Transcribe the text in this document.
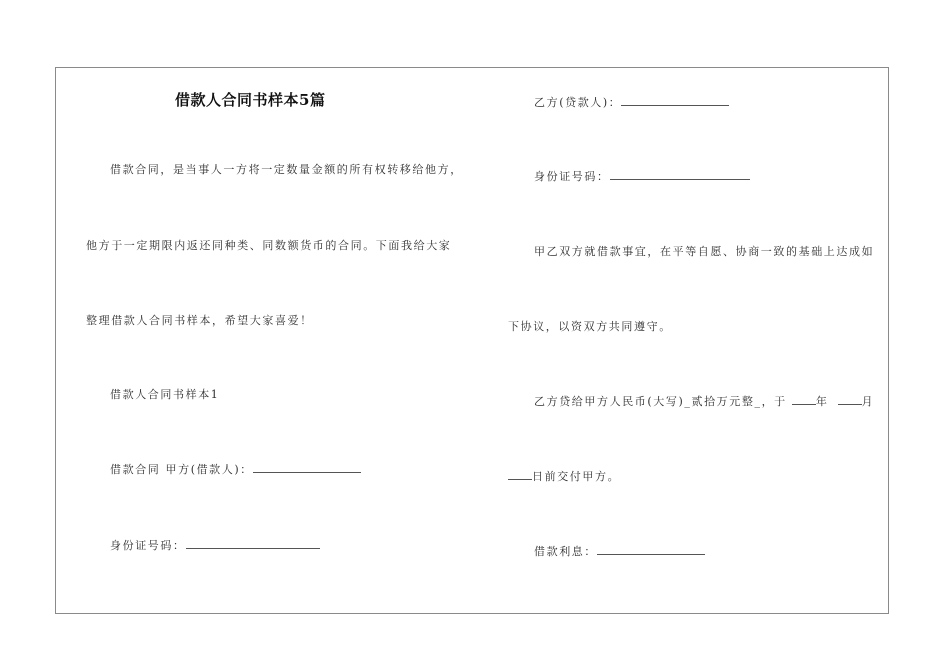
借款人合同书样本5篇
借款合同，是当事人一方将一定数量金额的所有权转移给他方，
他方于一定期限内返还同种类、同数额货币的合同。下面我给大家
整理借款人合同书样本，希望大家喜爱！
借款人合同书样本1
借款合同 甲方(借款人)：
身份证号码：
乙方(贷款人)：
身份证号码：
甲乙双方就借款事宜，在平等自愿、协商一致的基础上达成如
下协议，以资双方共同遵守。
乙方贷给甲方人民币(大写)_贰拾万元整_，于	年	月
日前交付甲方。
借款利息：
